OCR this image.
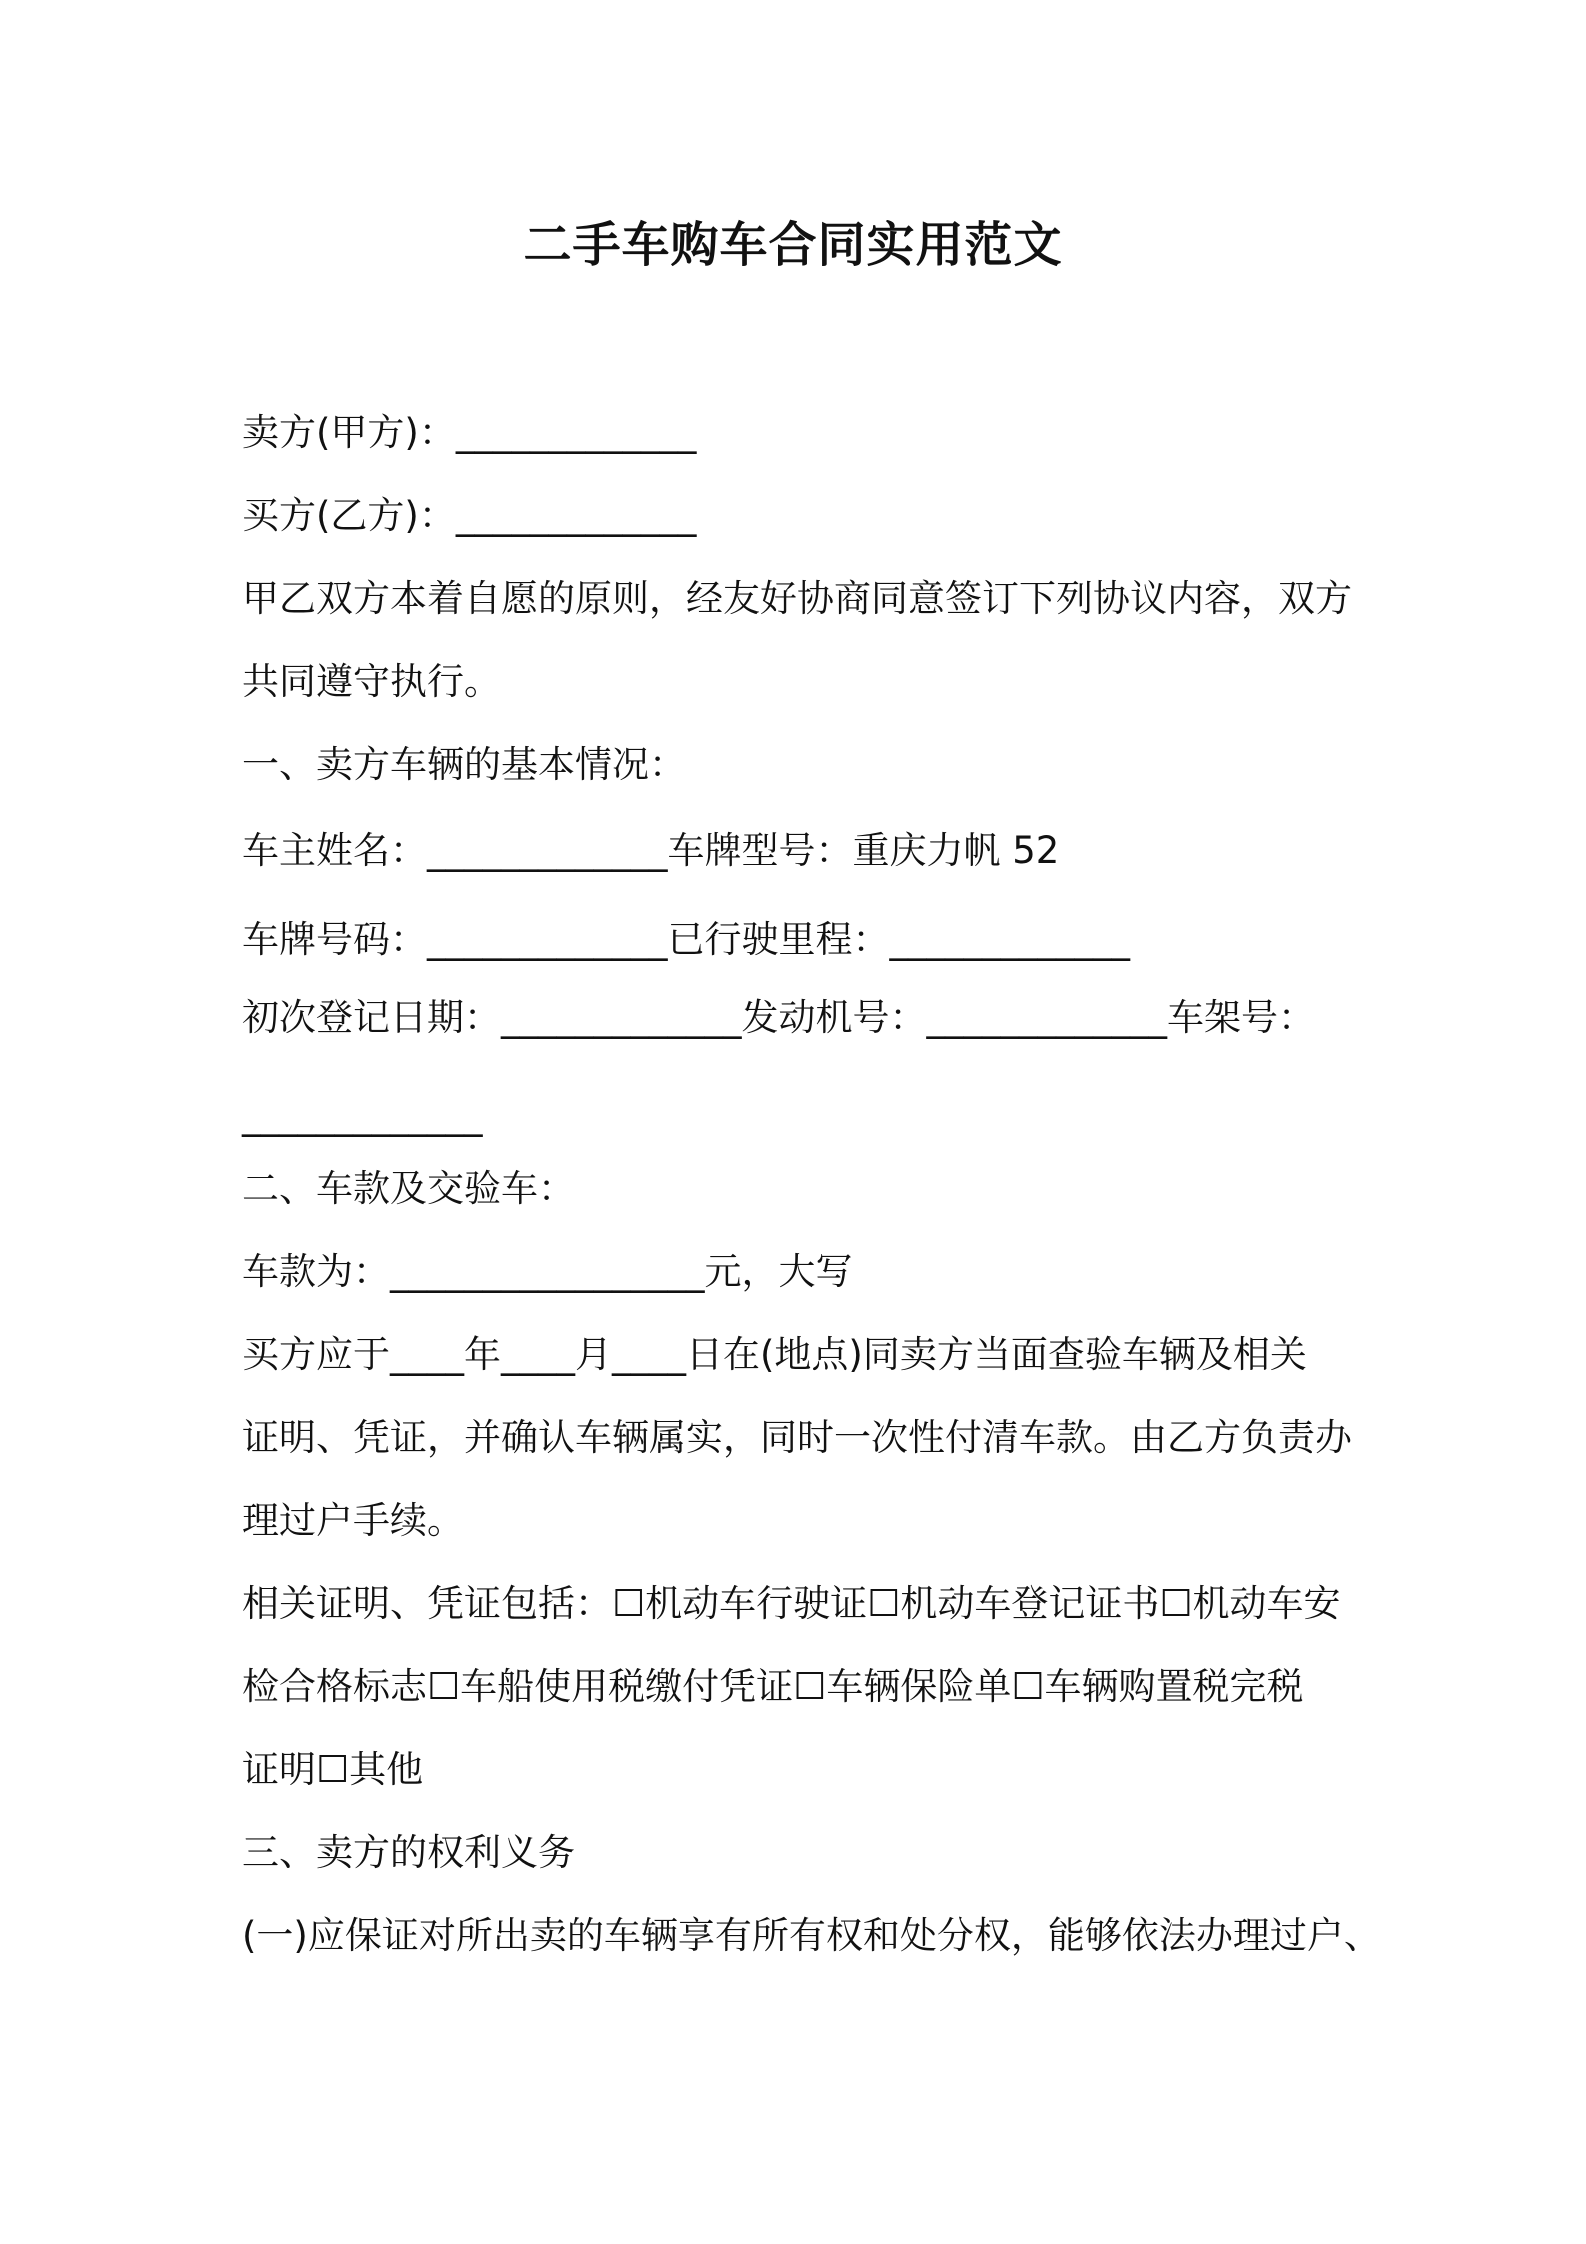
二手车购车合同实用范文
卖方(甲方)：_____________
买方(乙方)：_____________
甲乙双方本着自愿的原则，经友好协商同意签订下列协议内容，双方
共同遵守执行。
一、卖方车辆的基本情况：
车主姓名：_____________车牌型号：重庆力帆 52
车牌号码：_____________已行驶里程：_____________
初次登记日期：_____________发动机号：_____________车架号：
_____________
二、车款及交验车：
车款为：_________________元，大写
买方应于____年____月____日在(地点)同卖方当面查验车辆及相关
证明、凭证，并确认车辆属实，同时一次性付清车款。由乙方负责办
理过户手续。
相关证明、凭证包括：☐机动车行驶证☐机动车登记证书☐机动车安
检合格标志☐车船使用税缴付凭证☐车辆保险单☐车辆购置税完税
证明☐其他
三、卖方的权利义务
(一)应保证对所出卖的车辆享有所有权和处分权，能够依法办理过户、
